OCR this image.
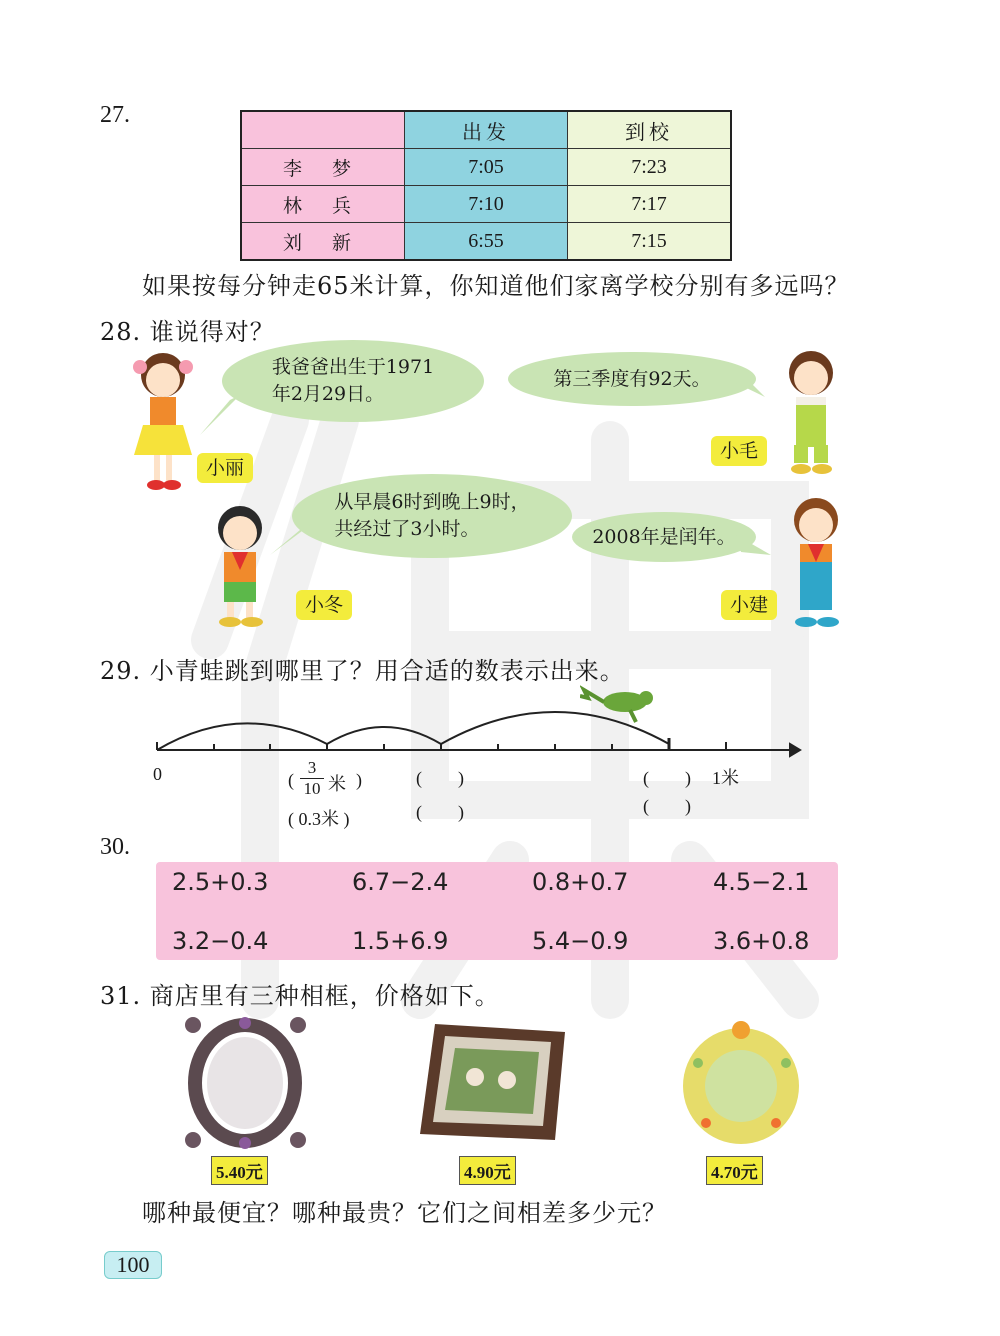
27.
	出发	到校
李 梦	7:05	7:23
林 兵	7:10	7:17
刘 新	6:55	7:15
如果按每分钟走65米计算，你知道他们家离学校分别有多远吗？
28. 谁说得对？
我爸爸出生于1971
年2月29日。
第三季度有92天。
从早晨6时到晚上9时，
共经过了3小时。	2008年是闰年。
小丽
小毛
小冬	小建
29. 小青蛙跳到哪里了？用合适的数表示出来。
0	1米
( $\frac{3}{10}$ 米 )
( 0.3米 )
(　　)
(　　)
(　　)
(　　)
30.
2.5+0.3	6.7−2.4	0.8+0.7	4.5−2.1
3.2−0.4	1.5+6.9	5.4−0.9	3.6+0.8
31. 商店里有三种相框，价格如下。
5.40元	4.90元	4.70元
哪种最便宜？哪种最贵？它们之间相差多少元？
100
